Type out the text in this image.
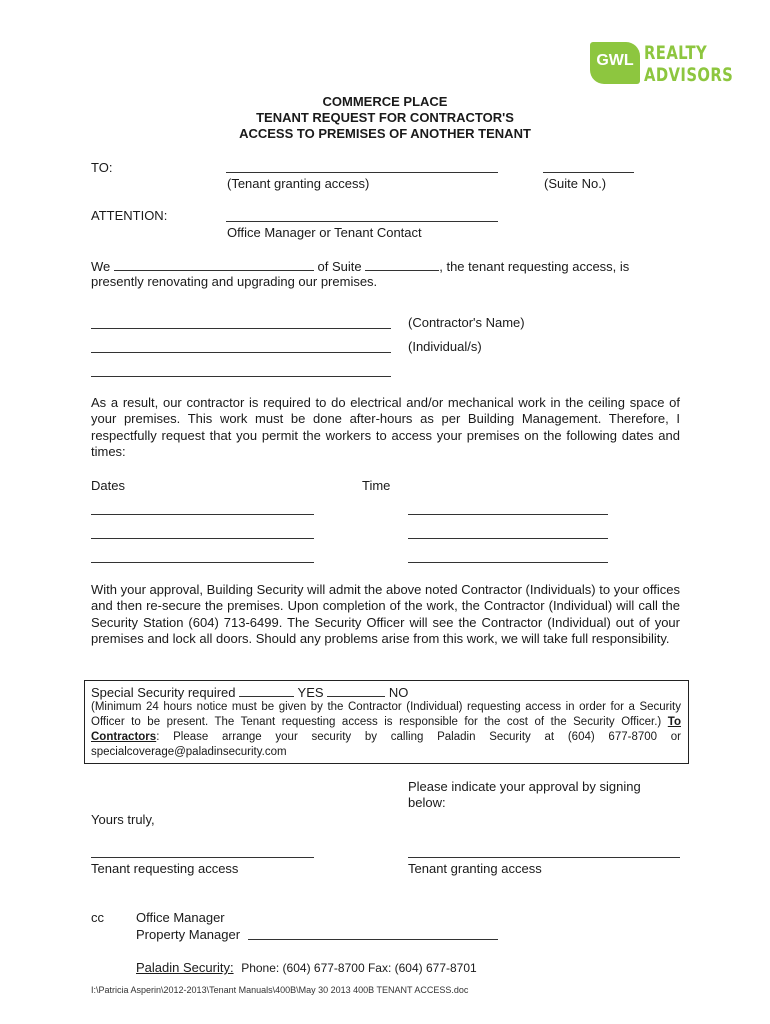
GWL REALTY
ADVISORS
COMMERCE PLACE
TENANT REQUEST FOR CONTRACTOR'S
ACCESS TO PREMISES OF ANOTHER TENANT
TO:
(Tenant granting access)	(Suite No.)
ATTENTION:
Office Manager or Tenant Contact
We	of Suite	, the tenant requesting access, is
presently renovating and upgrading our premises.
(Contractor's Name)
(Individual/s)
As a result, our contractor is required to do electrical and/or mechanical work in the ceiling space of your premises. This work must be done after-hours as per Building Management. Therefore, I respectfully request that you permit the workers to access your premises on the following dates and times:
Dates	Time
With your approval, Building Security will admit the above noted Contractor (Individuals) to your offices and then re-secure the premises. Upon completion of the work, the Contractor (Individual) will call the Security Station (604) 713-6499. The Security Officer will see the Contractor (Individual) out of your premises and lock all doors. Should any problems arise from this work, we will take full responsibility.
Special Security required	YES	NO
(Minimum 24 hours notice must be given by the Contractor (Individual) requesting access in order for a Security Officer to be present. The Tenant requesting access is responsible for the cost of the Security Officer.) To Contractors: Please arrange your security by calling Paladin Security at (604) 677-8700 or specialcoverage@paladinsecurity.com
Please indicate your approval by signing
below:
Yours truly,
Tenant requesting access	Tenant granting access
cc Office Manager
Property Manager
Paladin Security: Phone: (604) 677-8700 Fax: (604) 677-8701
I:\Patricia Asperin\2012-2013\Tenant Manuals\400B\May 30 2013 400B TENANT ACCESS.doc
